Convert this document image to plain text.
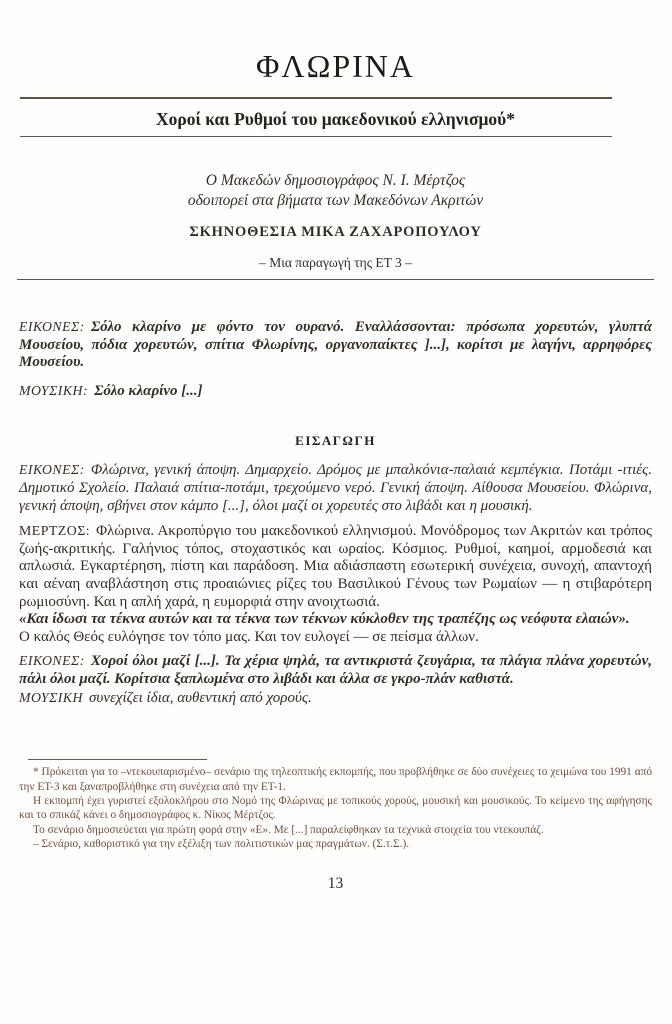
ΦΛΩΡΙΝΑ
Χοροί και Ρυθμοί του μακεδονικού ελληνισμού*
Ο Μακεδών δημοσιογράφος Ν. Ι. Μέρτζος
οδοιπορεί στα βήματα των Μακεδόνων Ακριτών
ΣΚΗΝΟΘΕΣΙΑ ΜΙΚΑ ΖΑΧΑΡΟΠΟΥΛΟΥ
– Μια παραγωγή της ΕΤ 3 –

ΕΙΚΟΝΕΣ: Σόλο κλαρίνο με φόντο τον ουρανό. Εναλλάσσονται: πρόσωπα χορευτών, γλυπτά Μουσείου, πόδια χορευτών, σπίτια Φλωρίνης, οργανοπαίκτες ]...], κορίτσι με λαγήνι, αρρηφόρες Μουσείου.

ΜΟΥΣΙΚΗ: Σόλο κλαρίνο [...]

ΕΙΣΑΓΩΓΗ

ΕΙΚΟΝΕΣ: Φλώρινα, γενική άποψη. Δημαρχείο. Δρόμος με μπαλκόνια-παλαιά κεμπέγκια. Ποτάμι -ιτιές. Δημοτικό Σχολείο. Παλαιά σπίτια-ποτάμι, τρεχούμενο νερό. Γενική άποψη. Αίθουσα Μουσείου. Φλώρινα, γενική άποψη, σβήνει στον κάμπο [...], όλοι μαζί οι χορευτές στο λιβάδι και η μουσική.

ΜΕΡΤΖΟΣ: Φλώρινα. Ακροπύργιο του μακεδονικού ελληνισμού. Μονόδρομος των Ακριτών και τρόπος ζωής-ακριτικής. Γαλήνιος τόπος, στοχαστικός και ωραίος. Κόσμιος. Ρυθμοί, καημοί, αρμοδεσιά και απλωσιά. Εγκαρτέρηση, πίστη και παράδοση. Μια αδιάσπαστη εσωτερική συνέχεια, συνοχή, απαντοχή και αέναη αναβλάστηση στις προαιώνιες ρίζες του Βασιλικού Γένους των Ρωμαίων — η στιβαρότερη ρωμιοσύνη. Και η απλή χαρά, η ευμορφιά στην ανοιχτωσιά.

«Και ίδωσι τα τέκνα αυτών και τα τέκνα των τέκνων κύκλοθεν της τραπέζης ως νεόφυτα ελαιών».

Ο καλός Θεός ευλόγησε τον τόπο μας. Και τον ευλογεί — σε πείσμα άλλων.

ΕΙΚΟΝΕΣ: Χοροί όλοι μαζί [...]. Τα χέρια ψηλά, τα αντικριστά ζευγάρια, τα πλάγια πλάνα χορευτών, πάλι όλοι μαζί. Κορίτσια ξαπλωμένα στο λιβάδι και άλλα σε γκρο-πλάν καθιστά.

ΜΟΥΣΙΚΗ συνεχίζει ίδια, αυθεντική από χορούς.

* Πρόκειται για το –ντεκουπαρισμένο– σενάριο της τηλεοπτικής εκπομπής, που προβλήθηκε σε δύο συνέχειες το χειμώνα του 1991 από την ΕΤ-3 και ξαναπροβλήθηκε στη συνέχεια από την ΕΤ-1.

Η εκπομπή έχει γυριστεί εξολοκλήρου στο Νομό της Φλώρινας με τοπικούς χορούς, μουσική και μουσικούς. Το κείμενο της αφήγησης και το σπικάζ κάνει ο δημοσιογράφος κ. Νίκος Μέρτζος.

Το σενάριο δημοσιεύεται για πρώτη φορά στην «Ε». Με [...] παραλείφθηκαν τα τεχνικά στοιχεία του ντεκουπάζ.

– Σενάριο, καθοριστικό για την εξέλιξη των πολιτιστικών μας πραγμάτων. (Σ.τ.Σ.).

13
